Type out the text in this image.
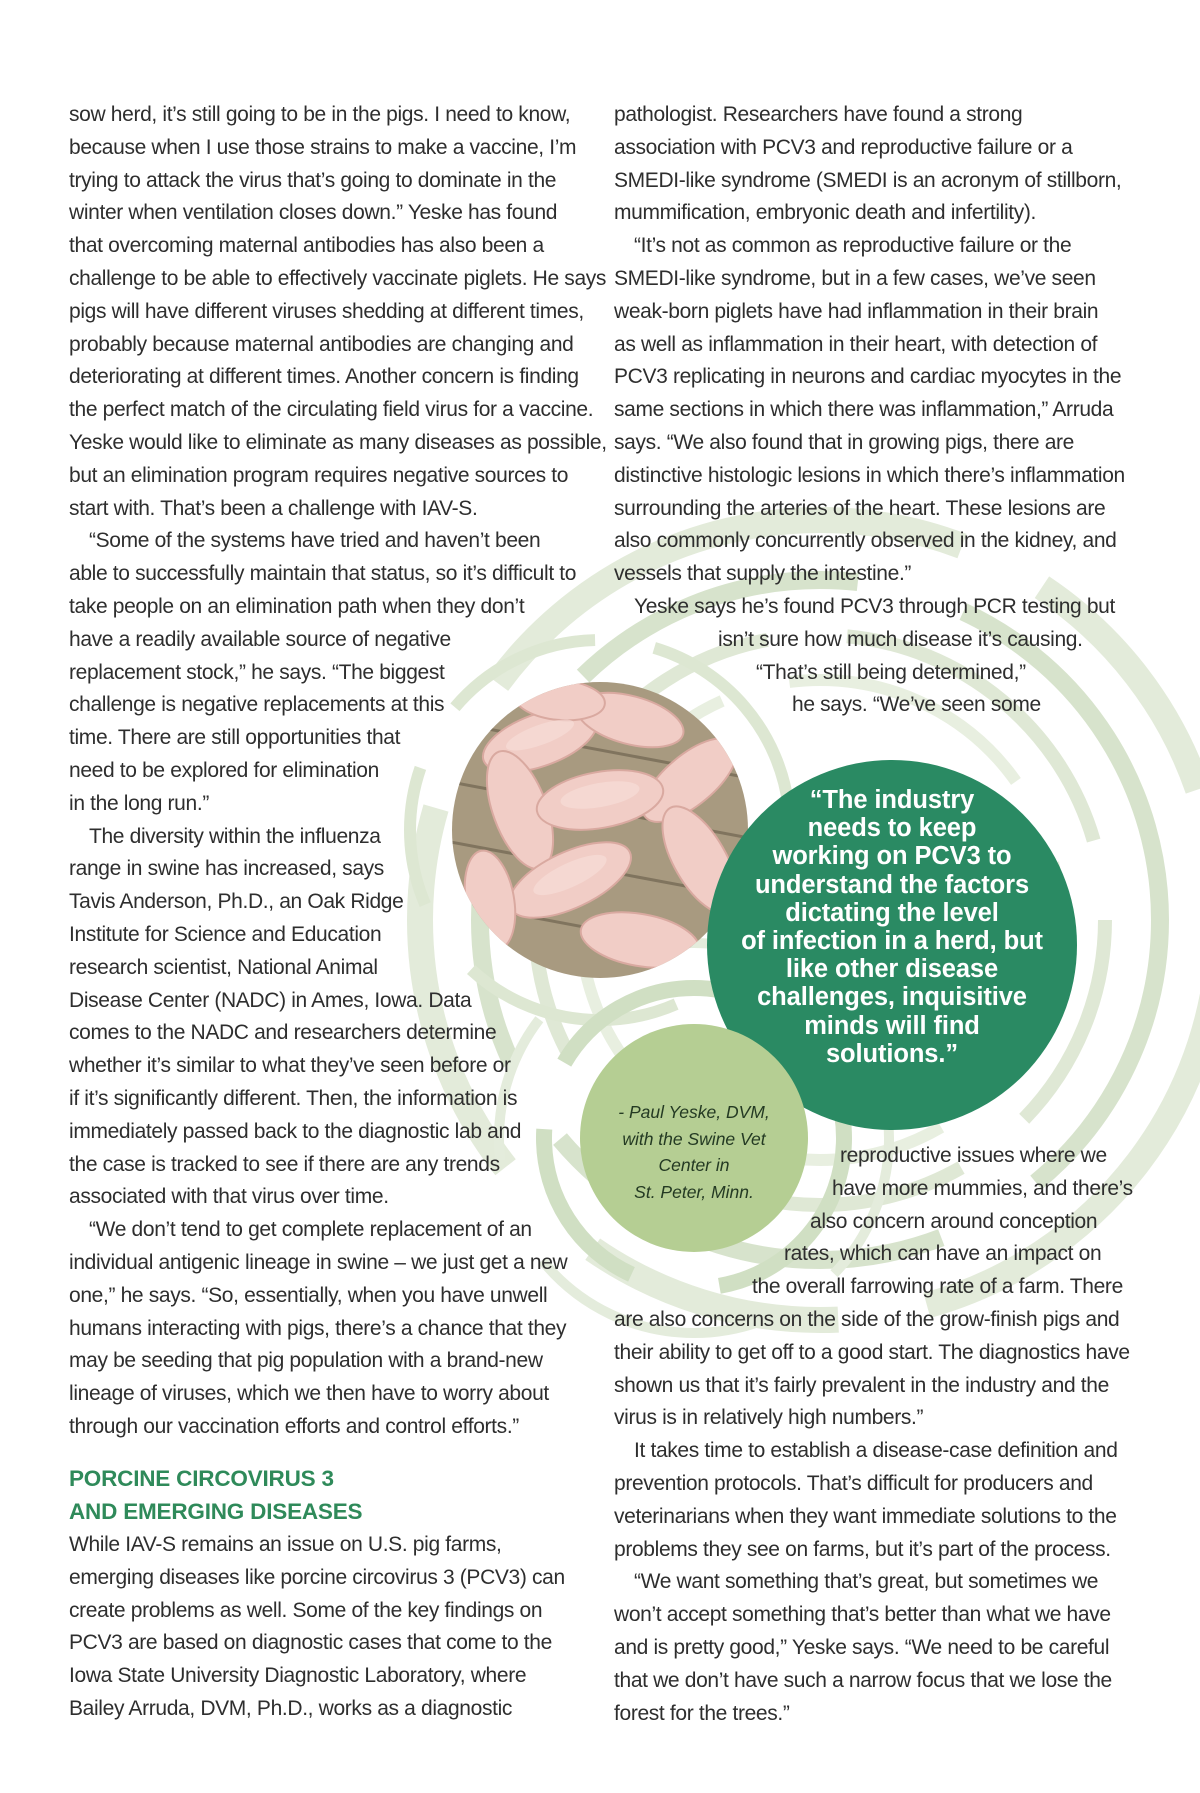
sow herd, it’s still going to be in the pigs. I need to know,
because when I use those strains to make a vaccine, I’m
trying to attack the virus that’s going to dominate in the
winter when ventilation closes down.” Yeske has found
that overcoming maternal antibodies has also been a
challenge to be able to effectively vaccinate piglets. He says
pigs will have different viruses shedding at different times,
probably because maternal antibodies are changing and
deteriorating at different times. Another concern is finding
the perfect match of the circulating field virus for a vaccine.
Yeske would like to eliminate as many diseases as possible,
but an elimination program requires negative sources to
start with. That’s been a challenge with IAV-S.
“Some of the systems have tried and haven’t been
able to successfully maintain that status, so it’s difficult to
take people on an elimination path when they don’t
have a readily available source of negative
replacement stock,” he says. “The biggest
challenge is negative replacements at this
time. There are still opportunities that
need to be explored for elimination
in the long run.”
The diversity within the influenza
range in swine has increased, says
Tavis Anderson, Ph.D., an Oak Ridge
Institute for Science and Education
research scientist, National Animal
Disease Center (NADC) in Ames, Iowa. Data
comes to the NADC and researchers determine
whether it’s similar to what they’ve seen before or
if it’s significantly different. Then, the information is
immediately passed back to the diagnostic lab and
the case is tracked to see if there are any trends
associated with that virus over time.
“We don’t tend to get complete replacement of an
individual antigenic lineage in swine – we just get a new
one,” he says. “So, essentially, when you have unwell
humans interacting with pigs, there’s a chance that they
may be seeding that pig population with a brand-new
lineage of viruses, which we then have to worry about
through our vaccination efforts and control efforts.”
PORCINE CIRCOVIRUS 3
AND EMERGING DISEASES
While IAV-S remains an issue on U.S. pig farms,
emerging diseases like porcine circovirus 3 (PCV3) can
create problems as well. Some of the key findings on
PCV3 are based on diagnostic cases that come to the
Iowa State University Diagnostic Laboratory, where
Bailey Arruda, DVM, Ph.D., works as a diagnostic
pathologist. Researchers have found a strong
association with PCV3 and reproductive failure or a
SMEDI-like syndrome (SMEDI is an acronym of stillborn,
mummification, embryonic death and infertility).
“It’s not as common as reproductive failure or the
SMEDI-like syndrome, but in a few cases, we’ve seen
weak-born piglets have had inflammation in their brain
as well as inflammation in their heart, with detection of
PCV3 replicating in neurons and cardiac myocytes in the
same sections in which there was inflammation,” Arruda
says. “We also found that in growing pigs, there are
distinctive histologic lesions in which there’s inflammation
surrounding the arteries of the heart. These lesions are
also commonly concurrently observed in the kidney, and
vessels that supply the intestine.”
Yeske says he’s found PCV3 through PCR testing but
isn’t sure how much disease it’s causing.
“That’s still being determined,”
he says. “We’ve seen some
reproductive issues where we
have more mummies, and there’s
also concern around conception
rates, which can have an impact on
the overall farrowing rate of a farm. There
are also concerns on the side of the grow-finish pigs and
their ability to get off to a good start. The diagnostics have
shown us that it’s fairly prevalent in the industry and the
virus is in relatively high numbers.”
It takes time to establish a disease-case definition and
prevention protocols. That’s difficult for producers and
veterinarians when they want immediate solutions to the
problems they see on farms, but it’s part of the process.
“We want something that’s great, but sometimes we
won’t accept something that’s better than what we have
and is pretty good,” Yeske says. “We need to be careful
that we don’t have such a narrow focus that we lose the
forest for the trees.”
“The industry
needs to keep
working on PCV3 to
understand the factors
dictating the level
of infection in a herd, but
like other disease
challenges, inquisitive
minds will find
solutions.”
- Paul Yeske, DVM,
with the Swine Vet
Center in
St. Peter, Minn.
